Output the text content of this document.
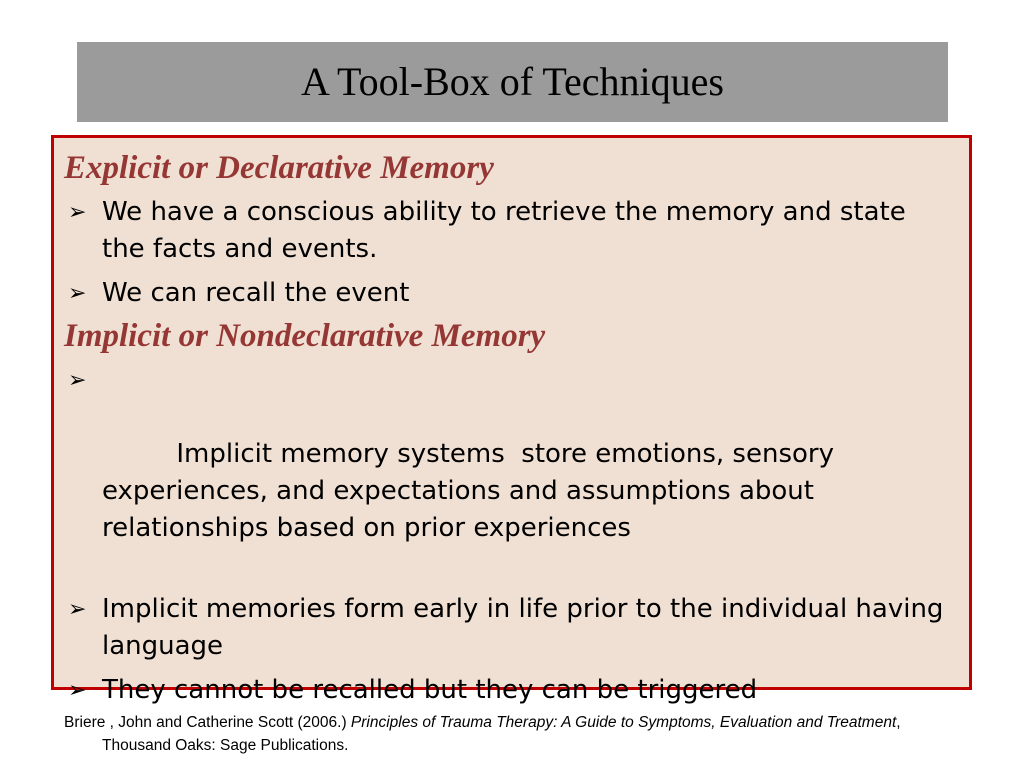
A Tool-Box of Techniques
Explicit or Declarative Memory
➢ We have a conscious ability to retrieve the memory and state the facts and events.
➢ We can recall the event
Implicit or Nondeclarative Memory

➢

Implicit memory systems  store emotions, sensory experiences, and expectations and assumptions about relationships based on prior experiences

➢ Implicit memories form early in life prior to the individual having language
➢ They cannot be recalled but they can be triggered
Briere , John and Catherine Scott (2006.) Principles of Trauma Therapy: A Guide to Symptoms, Evaluation and Treatment, Thousand Oaks: Sage Publications.
